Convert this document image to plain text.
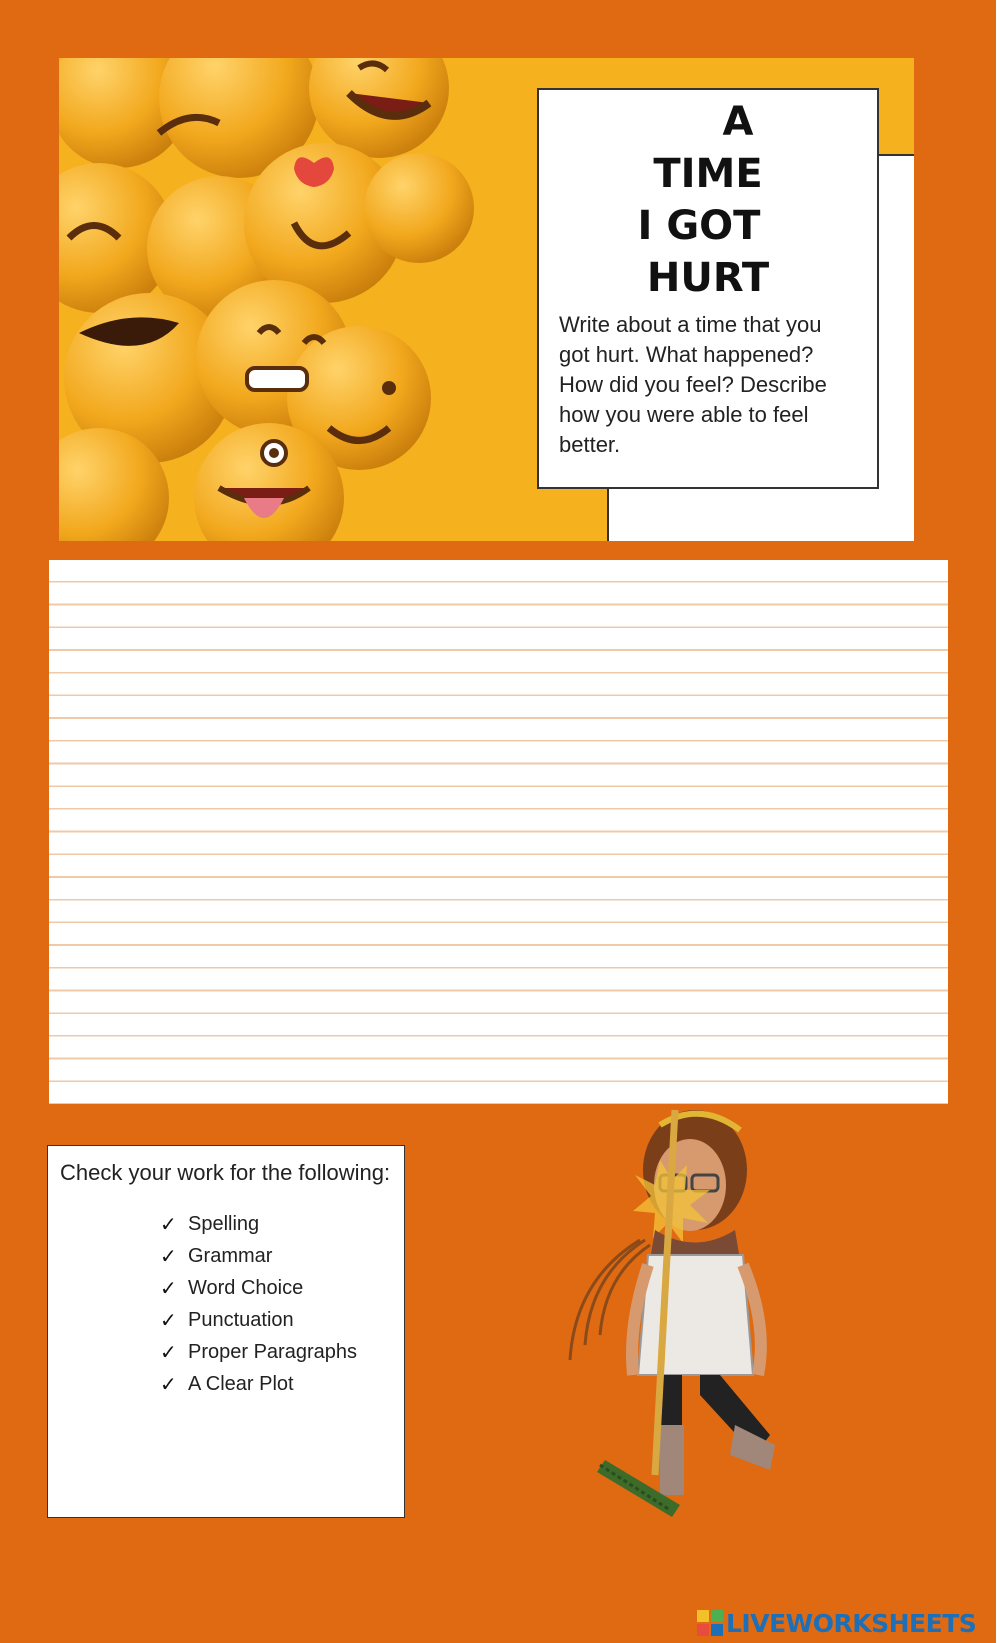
A
TIME
I GOT
HURT

Write about a time that you got hurt. What happened? How did you feel? Describe how you were able to feel better.

Check your work for the following:

✓ Spelling
✓ Grammar
✓ Word Choice
✓ Punctuation
✓ Proper Paragraphs
✓ A Clear Plot
LIVEWORKSHEETS
